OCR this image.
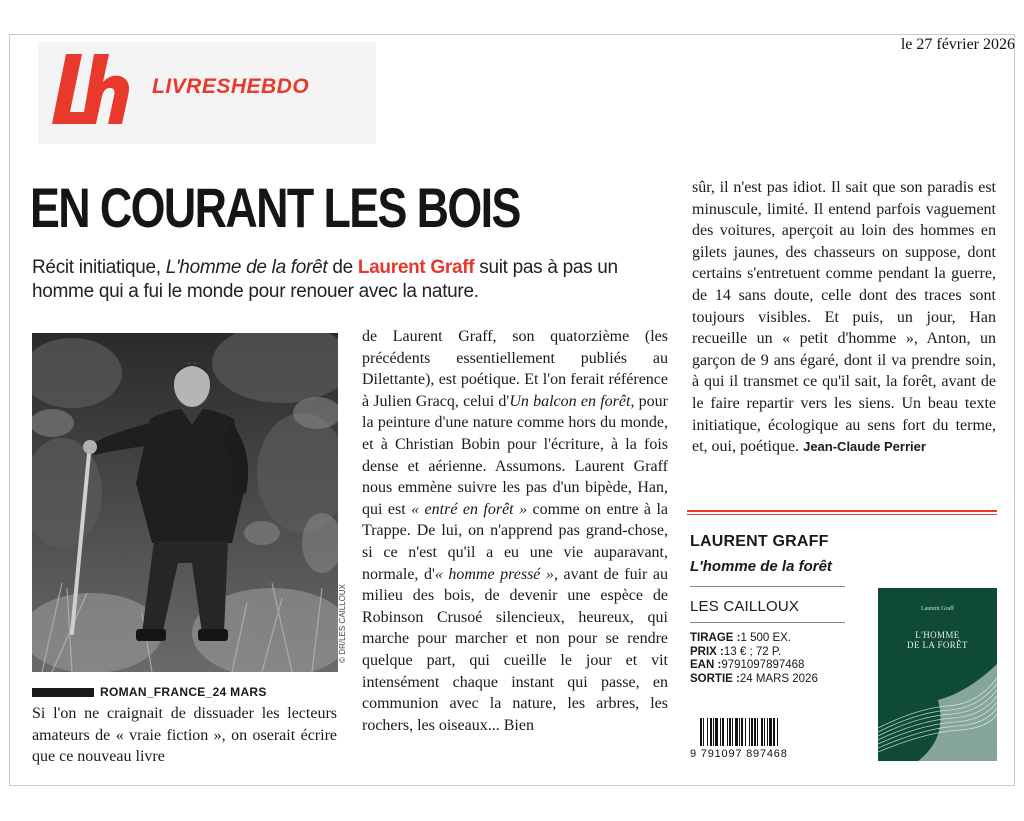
le 27 février 2026
LIVRESHEBDO
EN COURANT LES BOIS

Récit initiatique, L'homme de la forêt de Laurent Graff suit pas à pas un homme qui a fui le monde pour renouer avec la nature.

© DR/LES CAILLOUX
ROMAN_FRANCE_24 MARS

Si l'on ne craignait de dissuader les lecteurs amateurs de « vraie fiction », on oserait écrire que ce nouveau livre

de Laurent Graff, son quatorzième (les précédents essentiellement publiés au Dilettante), est poétique. Et l'on ferait référence à Julien Gracq, celui d'Un balcon en forêt, pour la peinture d'une nature comme hors du monde, et à Christian Bobin pour l'écriture, à la fois dense et aérienne. Assumons. Laurent Graff nous emmène suivre les pas d'un bipède, Han, qui est « entré en forêt » comme on entre à la Trappe. De lui, on n'apprend pas grand-chose, si ce n'est qu'il a eu une vie auparavant, normale, d'« homme pressé », avant de fuir au milieu des bois, de devenir une espèce de Robinson Crusoé silencieux, heureux, qui marche pour marcher et non pour se rendre quelque part, qui cueille le jour et vit intensément chaque instant qui passe, en communion avec la nature, les arbres, les rochers, les oiseaux... Bien

sûr, il n'est pas idiot. Il sait que son paradis est minuscule, limité. Il entend parfois vaguement des voitures, aperçoit au loin des hommes en gilets jaunes, des chasseurs on suppose, dont certains s'entretuent comme pendant la guerre, de 14 sans doute, celle dont des traces sont toujours visibles. Et puis, un jour, Han recueille un « petit d'homme », Anton, un garçon de 9 ans égaré, dont il va prendre soin, à qui il transmet ce qu'il sait, la forêt, avant de le faire repartir vers les siens. Un beau texte initiatique, écologique au sens fort du terme, et, oui, poétique. Jean-Claude Perrier

LAURENT GRAFF
L'homme de la forêt
LES CAILLOUX
TIRAGE :1 500 EX.
PRIX :13 € ; 72 P.
EAN :9791097897468
SORTIE :24 MARS 2026
Laurent Graff
L'HOMME
DE LA FORÊT
9 791097 897468
